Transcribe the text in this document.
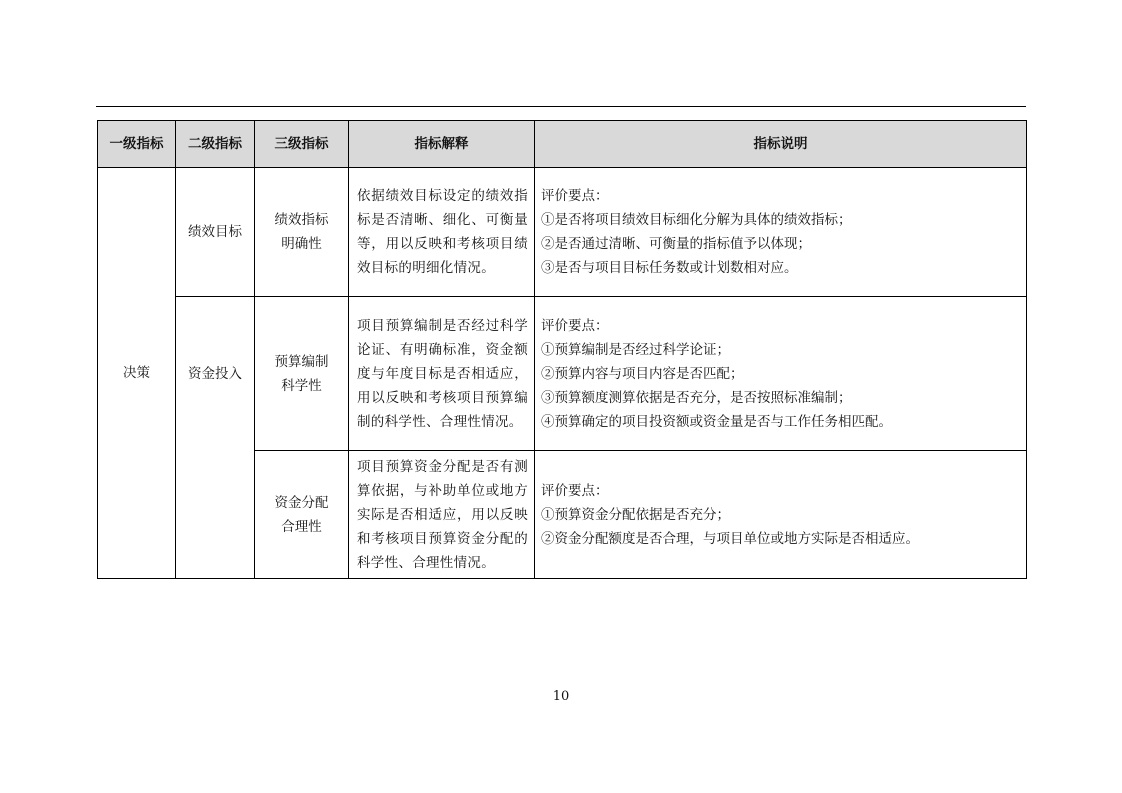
一级指标	二级指标	三级指标	指标解释	指标说明
决策	绩效目标	绩效指标明确性	依据绩效目标设定的绩效指标是否清晰、细化、可衡量等，用以反映和考核项目绩效目标的明细化情况。	评价要点：
①是否将项目绩效目标细化分解为具体的绩效指标；
②是否通过清晰、可衡量的指标值予以体现；
③是否与项目目标任务数或计划数相对应。

	资金投入	预算编制科学性	项目预算编制是否经过科学论证、有明确标准，资金额度与年度目标是否相适应，用以反映和考核项目预算编制的科学性、合理性情况。	评价要点：
①预算编制是否经过科学论证；
②预算内容与项目内容是否匹配；
③预算额度测算依据是否充分，是否按照标准编制；
④预算确定的项目投资额或资金量是否与工作任务相匹配。

		资金分配合理性	项目预算资金分配是否有测算依据，与补助单位或地方实际是否相适应，用以反映和考核项目预算资金分配的科学性、合理性情况。	评价要点：
①预算资金分配依据是否充分；
②资金分配额度是否合理，与项目单位或地方实际是否相适应。
10
